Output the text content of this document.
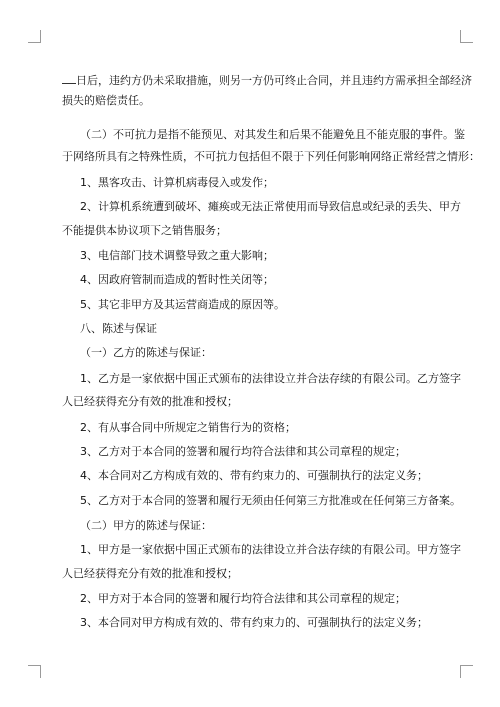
日后，违约方仍未采取措施，则另一方仍可终止合同，并且违约方需承担全部经济

损失的赔偿责任。

（二）不可抗力是指不能预见、对其发生和后果不能避免且不能克服的事件。鉴

于网络所具有之特殊性质，不可抗力包括但不限于下列任何影响网络正常经营之情形：

1、黑客攻击、计算机病毒侵入或发作；

2、计算机系统遭到破坏、瘫痪或无法正常使用而导致信息或纪录的丢失、甲方

不能提供本协议项下之销售服务；

3、电信部门技术调整导致之重大影响；

4、因政府管制而造成的暂时性关闭等；

5、其它非甲方及其运营商造成的原因等。

八、陈述与保证

（一）乙方的陈述与保证：

1、乙方是一家依据中国正式颁布的法律设立并合法存续的有限公司。乙方签字

人已经获得充分有效的批准和授权；

2、有从事合同中所规定之销售行为的资格；

3、乙方对于本合同的签署和履行均符合法律和其公司章程的规定；

4、本合同对乙方构成有效的、带有约束力的、可强制执行的法定义务；

5、乙方对于本合同的签署和履行无须由任何第三方批准或在任何第三方备案。

（二）甲方的陈述与保证：

1、甲方是一家依据中国正式颁布的法律设立并合法存续的有限公司。甲方签字

人已经获得充分有效的批准和授权；

2、甲方对于本合同的签署和履行均符合法律和其公司章程的规定；

3、本合同对甲方构成有效的、带有约束力的、可强制执行的法定义务；
